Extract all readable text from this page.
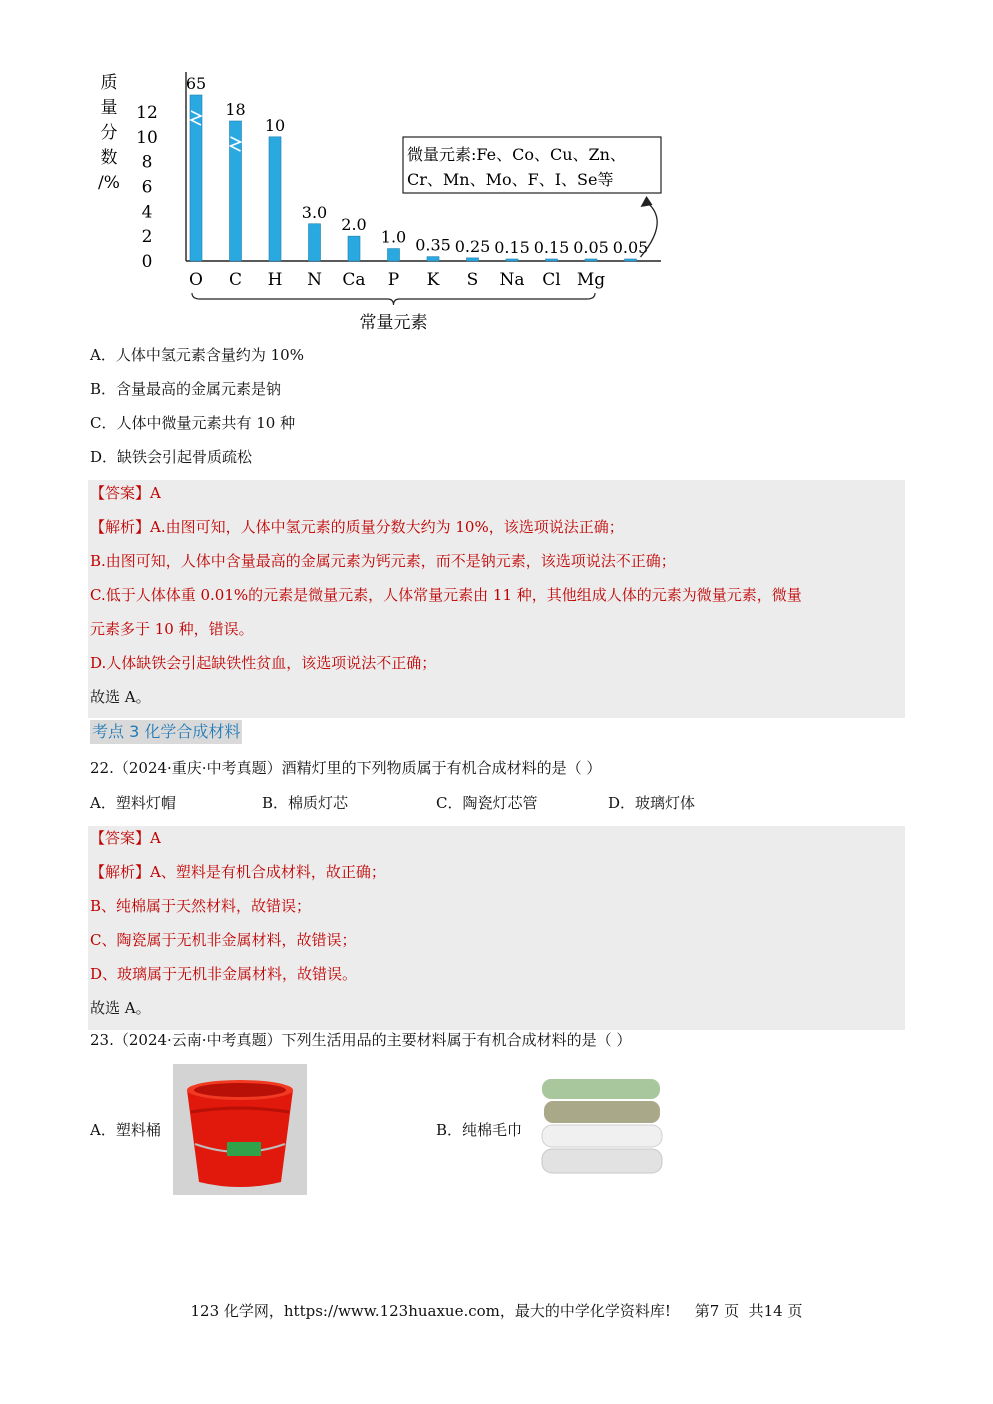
质
量
分
数
/%
12
10
8
6
4
2
0
65
O
18
C
10
H
3.0
N
2.0
Ca
1.0
P
0.35
K
0.25
S
0.15
Na
0.15
Cl
0.05
Mg
0.05
常量元素
微量元素:Fe、Co、Cu、Zn、
Cr、Mn、Mo、F、I、Se等
A．人体中氢元素含量约为 10%
B．含量最高的金属元素是钠
C．人体中微量元素共有 10 种
D．缺铁会引起骨质疏松
【答案】A
【解析】A.由图可知，人体中氢元素的质量分数大约为 10%，该选项说法正确；
B.由图可知，人体中含量最高的金属元素为钙元素，而不是钠元素，该选项说法不正确；
C.低于人体体重 0.01%的元素是微量元素，人体常量元素由 11 种，其他组成人体的元素为微量元素，微量
元素多于 10 种，错误。
D.人体缺铁会引起缺铁性贫血，该选项说法不正确；
故选 A。
考点 3 化学合成材料
22.（2024·重庆·中考真题）酒精灯里的下列物质属于有机合成材料的是（ ）
A．塑料灯帽	B．棉质灯芯	C．陶瓷灯芯管	D．玻璃灯体
【答案】A
【解析】A、塑料是有机合成材料，故正确；
B、纯棉属于天然材料，故错误；
C、陶瓷属于无机非金属材料，故错误；
D、玻璃属于无机非金属材料，故错误。
故选 A。
23.（2024·云南·中考真题）下列生活用品的主要材料属于有机合成材料的是（ ）
A．塑料桶	B．纯棉毛巾
123 化学网，https://www.123huaxue.com，最大的中学化学资料库! 第7 页  共14 页
